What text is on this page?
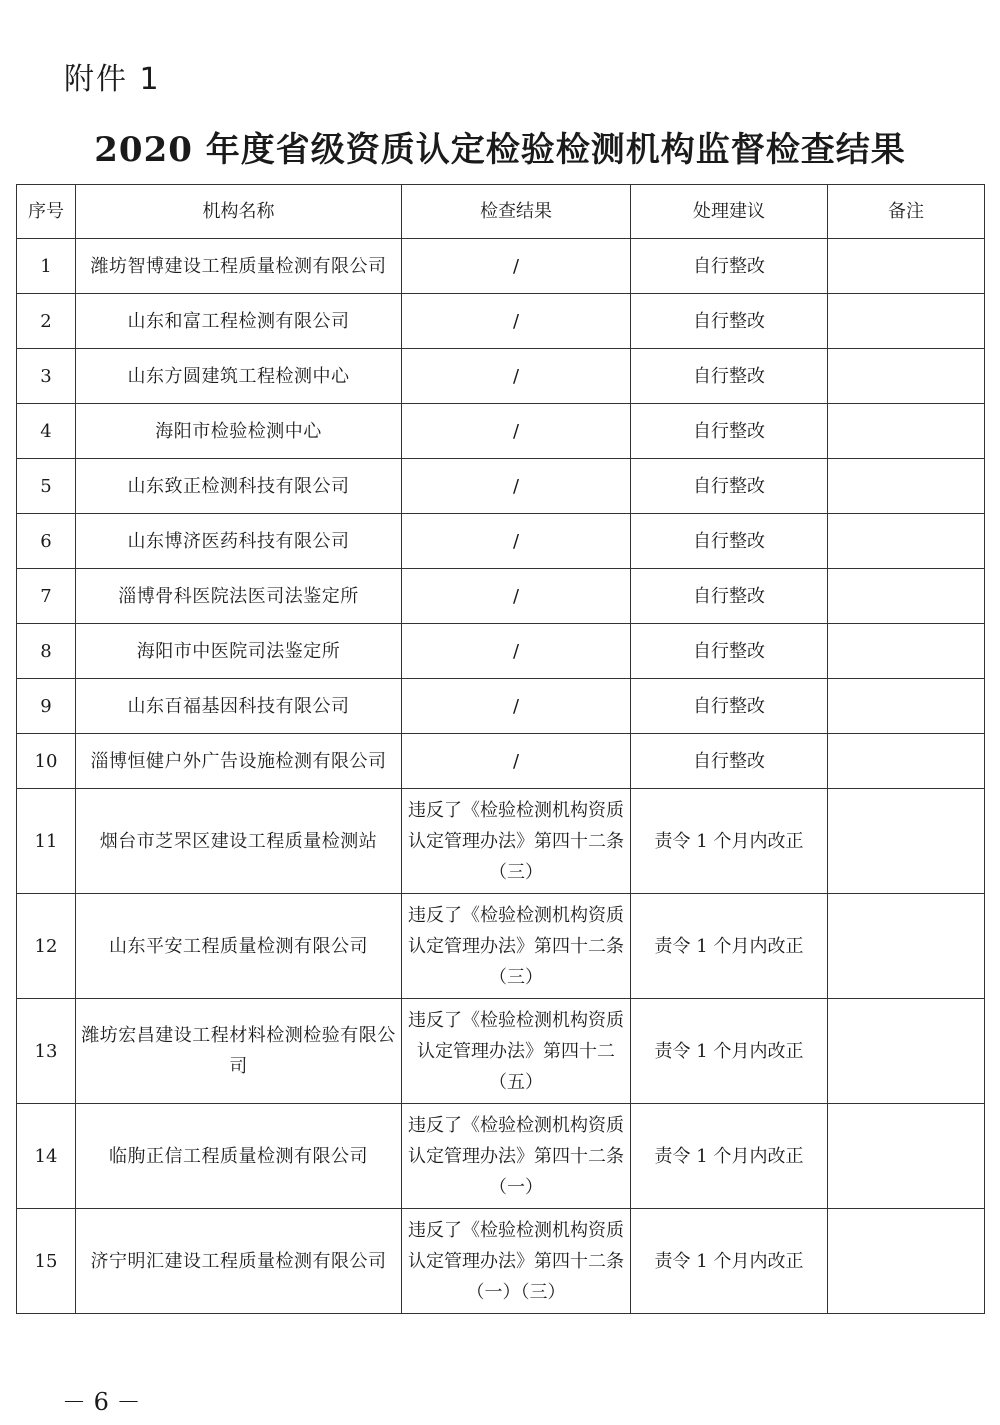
附件 1
2020 年度省级资质认定检验检测机构监督检查结果
序号	机构名称	检查结果	处理建议	备注
1	潍坊智博建设工程质量检测有限公司	/	自行整改	
2	山东和富工程检测有限公司	/	自行整改	
3	山东方圆建筑工程检测中心	/	自行整改	
4	海阳市检验检测中心	/	自行整改	
5	山东致正检测科技有限公司	/	自行整改	
6	山东博济医药科技有限公司	/	自行整改	
7	淄博骨科医院法医司法鉴定所	/	自行整改	
8	海阳市中医院司法鉴定所	/	自行整改	
9	山东百福基因科技有限公司	/	自行整改	
10	淄博恒健户外广告设施检测有限公司	/	自行整改	
11	烟台市芝罘区建设工程质量检测站	违反了《检验检测机构资质认定管理办法》第四十二条　（三）	责令 1 个月内改正	
12	山东平安工程质量检测有限公司	违反了《检验检测机构资质认定管理办法》第四十二条（三）	责令 1 个月内改正	
13	潍坊宏昌建设工程材料检测检验有限公司	违反了《检验检测机构资质认定管理办法》第四十二　（五）	责令 1 个月内改正	
14	临朐正信工程质量检测有限公司	违反了《检验检测机构资质认定管理办法》第四十二条　（一）	责令 1 个月内改正	
15	济宁明汇建设工程质量检测有限公司	违反了《检验检测机构资质认定管理办法》第四十二条（一）（三）	责令 1 个月内改正	
－ 6 －
